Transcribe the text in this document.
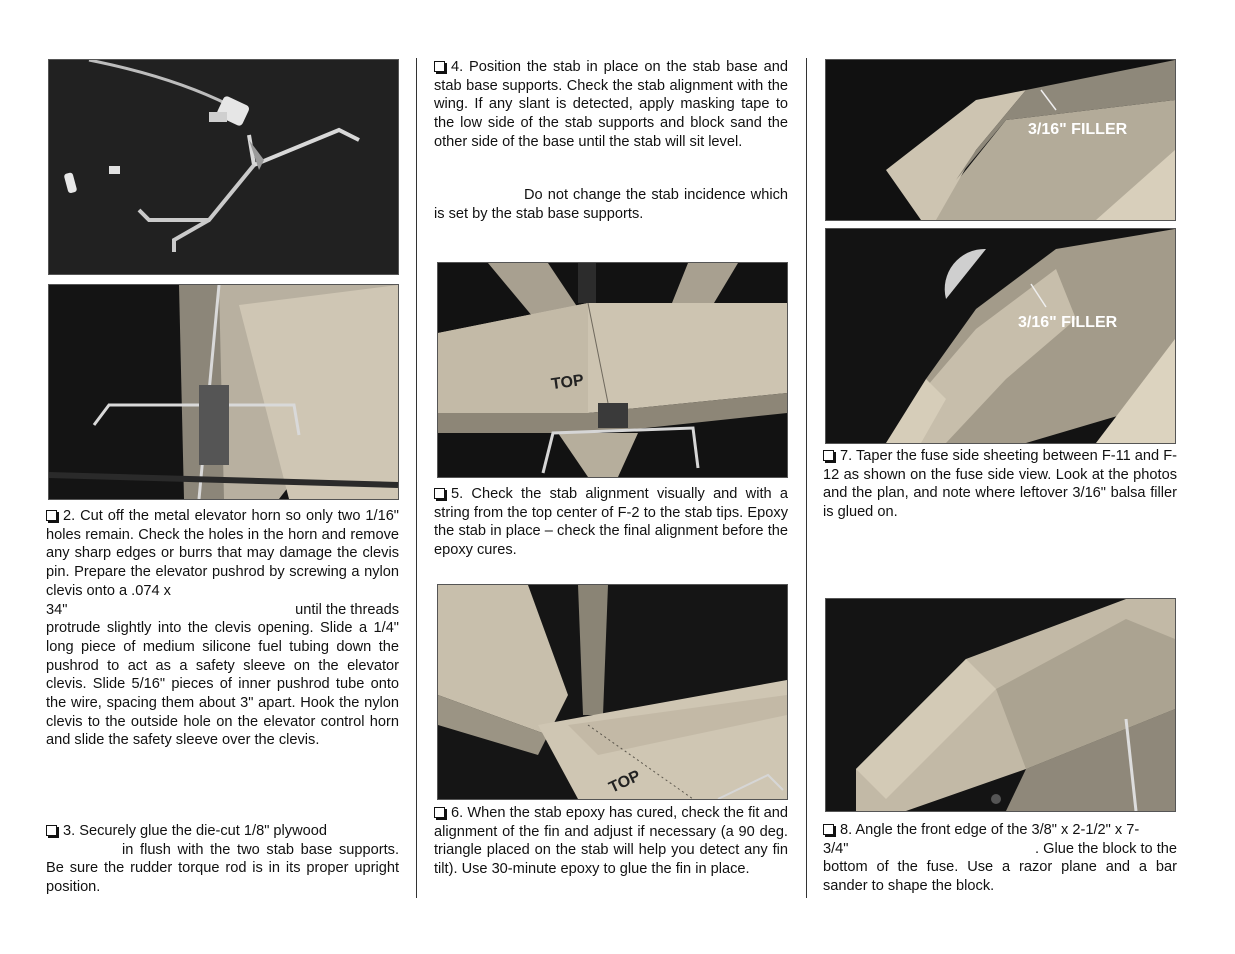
2. Cut off the metal elevator horn so only two 1/16" holes remain. Check the holes in the horn and remove any sharp edges or burrs that may damage the clevis pin. Prepare the elevator pushrod by screwing a nylon clevis onto a .074 x
34"	until the threads

protrude slightly into the clevis opening. Slide a 1/4" long piece of medium silicone fuel tubing down the pushrod to act as a safety sleeve on the elevator clevis. Slide 5/16" pieces of inner pushrod tube onto the wire, spacing them about 3" apart. Hook the nylon clevis to the outside hole on the elevator control horn and slide the safety sleeve over the clevis.

3. Securely glue the die-cut 1/8" plywood
in flush with the two stab base supports. Be sure the rudder torque rod is in its proper upright position.

4. Position the stab in place on the stab base and stab base supports. Check the stab alignment with the wing. If any slant is detected, apply masking tape to the low side of the stab supports and block sand the other side of the base until the stab will sit level.

Do not change the stab incidence which is set by the stab base supports.

TOP

5. Check the stab alignment visually and with a string from the top center of F-2 to the stab tips. Epoxy the stab in place – check the final alignment before the epoxy cures.

TOP

6. When the stab epoxy has cured, check the fit and alignment of the fin and adjust if necessary (a 90 deg. triangle placed on the stab will help you detect any fin tilt). Use 30-minute epoxy to glue the fin in place.

3/16" FILLER
3/16" FILLER

7. Taper the fuse side sheeting between F-11 and F-12 as shown on the fuse side view. Look at the photos and the plan, and note where leftover 3/16" balsa filler is glued on.

8. Angle the front edge of the 3/8" x 2-1/2" x 7-
3/4"	. Glue the block to the

bottom of the fuse. Use a razor plane and a bar sander to shape the block.
